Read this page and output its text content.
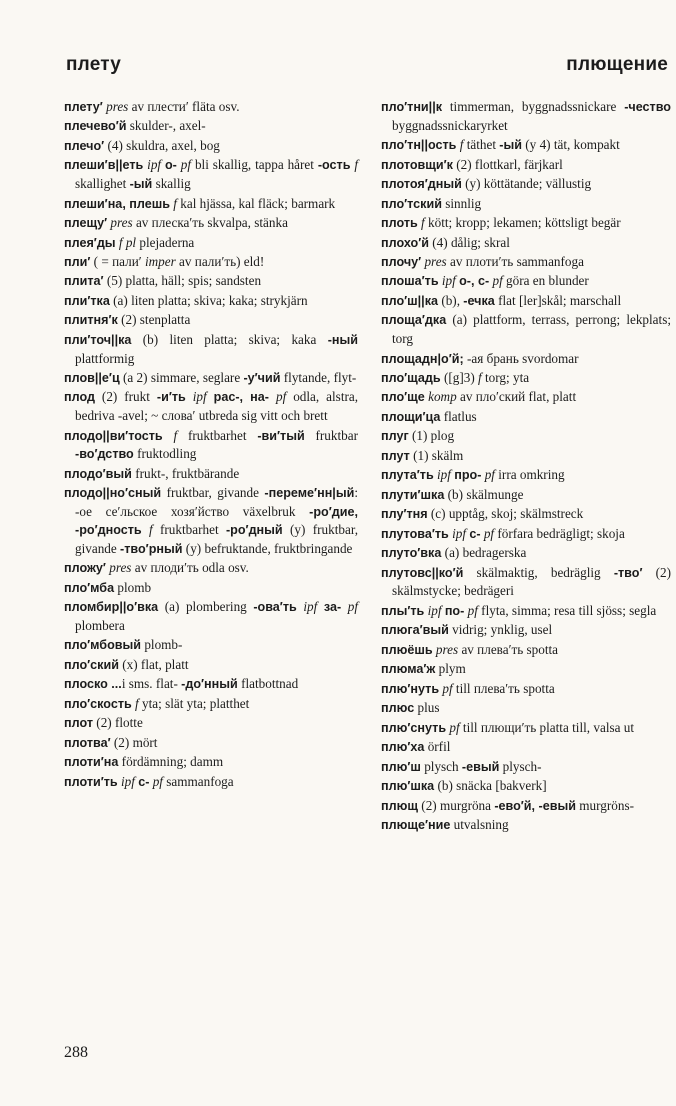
плету	плющение
плету′ pres av плести′ fläta osv.
плечево′й skulder-, axel-
плечо′ (4) skuldra, axel, bog
плеши′в||еть ipf о- pf bli skallig, tappa håret -ость f skallighet -ый skallig
плеши′на, плешь f kal hjässa, kal fläck; barmark
плещу′ pres av плеска′ть skvalpa, stänka
плея′ды f pl plejaderna
пли′ ( = пали′ imper av пали′ть) eld!
плита′ (5) platta, häll; spis; sandsten
пли′тка (a) liten platta; skiva; kaka; strykjärn
плитня′к (2) stenplatta
пли′точ||ка (b) liten platta; skiva; kaka -ный plattformig
плов||е′ц (a 2) simmare, seglare -у′чий flytande, flyt-
плод (2) frukt -и′ть ipf рас-, на- pf odla, alstra, bedriva -avel; ~ слова′ utbreda sig vitt och brett
плодо||ви′тость f fruktbarhet -ви′тый fruktbar -во′дство fruktodling
плодо′вый frukt-, fruktbärande
плодо||но′сный fruktbar, givande -переме′нн|ый: -ое се′льское хозя′йство växelbruk -ро′дие, -ро′дность f fruktbarhet -ро′дный (y) fruktbar, givande -тво′рный (y) befruktande, fruktbringande
пложу′ pres av плоди′ть odla osv.
пло′мба plomb
пломбир||о′вка (a) plombering -ова′ть ipf за- pf plombera
пло′мбовый plomb-
пло′ский (x) flat, platt
плоско ...i sms. flat- -до′нный flatbottnad
пло′скость f yta; slät yta; platthet
плот (2) flotte
плотва′ (2) mört
плоти′на fördämning; damm
плоти′ть ipf с- pf sammanfoga
пло′тни||к timmerman, byggnadssnickare -чество byggnadssnickaryrket
пло′тн||ость f täthet -ый (y 4) tät, kompakt
плотовщи′к (2) flottkarl, färjkarl
плотоя′дный (y) köttätande; vällustig
пло′тский sinnlig
плоть f kött; kropp; lekamen; köttsligt begär
плохо′й (4) dålig; skral
плочу′ pres av плоти′ть sammanfoga
плоша′ть ipf о-, с- pf göra en blunder
пло′ш||ка (b), -ечка flat [ler]skål; marschall
площа′дка (a) plattform, terrass, perrong; lekplats; torg
площадн|о′й; -ая брань svordomar
пло′щадь ([g]3) f torg; yta
пло′ще komp av пло′ский flat, platt
площи′ца flatlus
плуг (1) plog
плут (1) skälm
плута′ть ipf про- pf irra omkring
плути′шка (b) skälmunge
плу′тня (c) upptåg, skoj; skälmstreck
плутова′ть ipf с- pf förfara bedrägligt; skoja
плуто′вка (a) bedragerska
плутовс||ко′й skälmaktig, bedräglig -тво′ (2) skälmstycke; bedrägeri
плы′ть ipf по- pf flyta, simma; resa till sjöss; segla
плюга′вый vidrig; ynklig, usel
плюёшь pres av плева′ть spotta
плюма′ж plym
плю′нуть pf till плева′ть spotta
плюс plus
плю′снуть pf till плющи′ть platta till, valsa ut
плю′ха örfil
плю′ш plysch -евый plysch-
плю′шка (b) snäcka [bakverk]
плющ (2) murgröna -ево′й, -евый murgröns-
плюще′ние utvalsning
288
